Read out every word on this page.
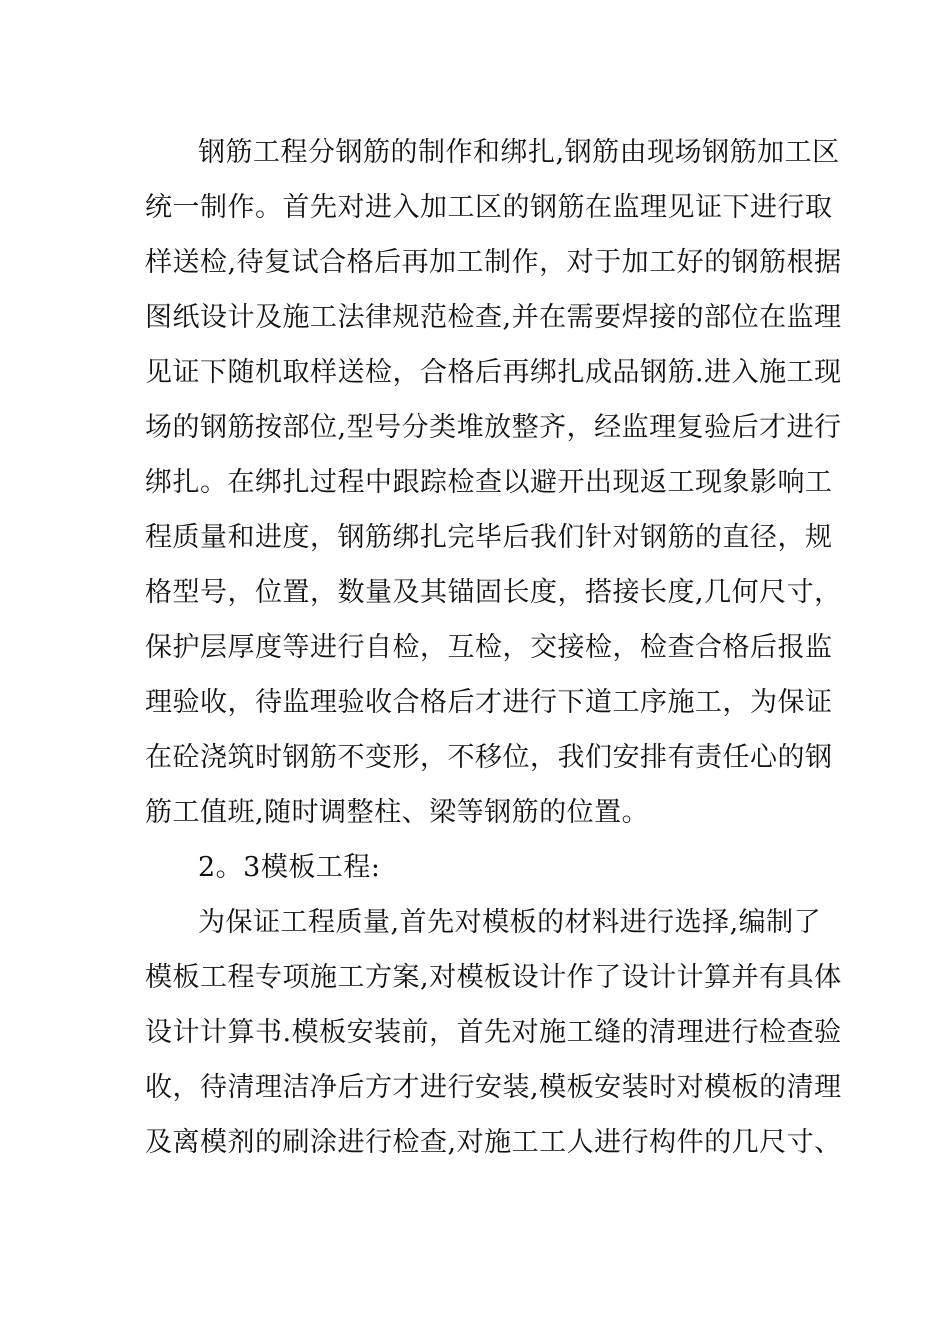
钢筋工程分钢筋的制作和绑扎,钢筋由现场钢筋加工区
统一制作。首先对进入加工区的钢筋在监理见证下进行取
样送检,待复试合格后再加工制作，对于加工好的钢筋根据
图纸设计及施工法律规范检查,并在需要焊接的部位在监理
见证下随机取样送检，合格后再绑扎成品钢筋.进入施工现
场的钢筋按部位,型号分类堆放整齐，经监理复验后才进行
绑扎。在绑扎过程中跟踪检查以避开出现返工现象影响工
程质量和进度，钢筋绑扎完毕后我们针对钢筋的直径，规
格型号，位置，数量及其锚固长度，搭接长度,几何尺寸，
保护层厚度等进行自检，互检，交接检，检查合格后报监
理验收，待监理验收合格后才进行下道工序施工，为保证
在砼浇筑时钢筋不变形，不移位，我们安排有责任心的钢
筋工值班,随时调整柱、梁等钢筋的位置。
2。3模板工程:
为保证工程质量,首先对模板的材料进行选择,编制了
模板工程专项施工方案,对模板设计作了设计计算并有具体
设计计算书.模板安装前，首先对施工缝的清理进行检查验
收，待清理洁净后方才进行安装,模板安装时对模板的清理
及离模剂的刷涂进行检查,对施工工人进行构件的几尺寸、
